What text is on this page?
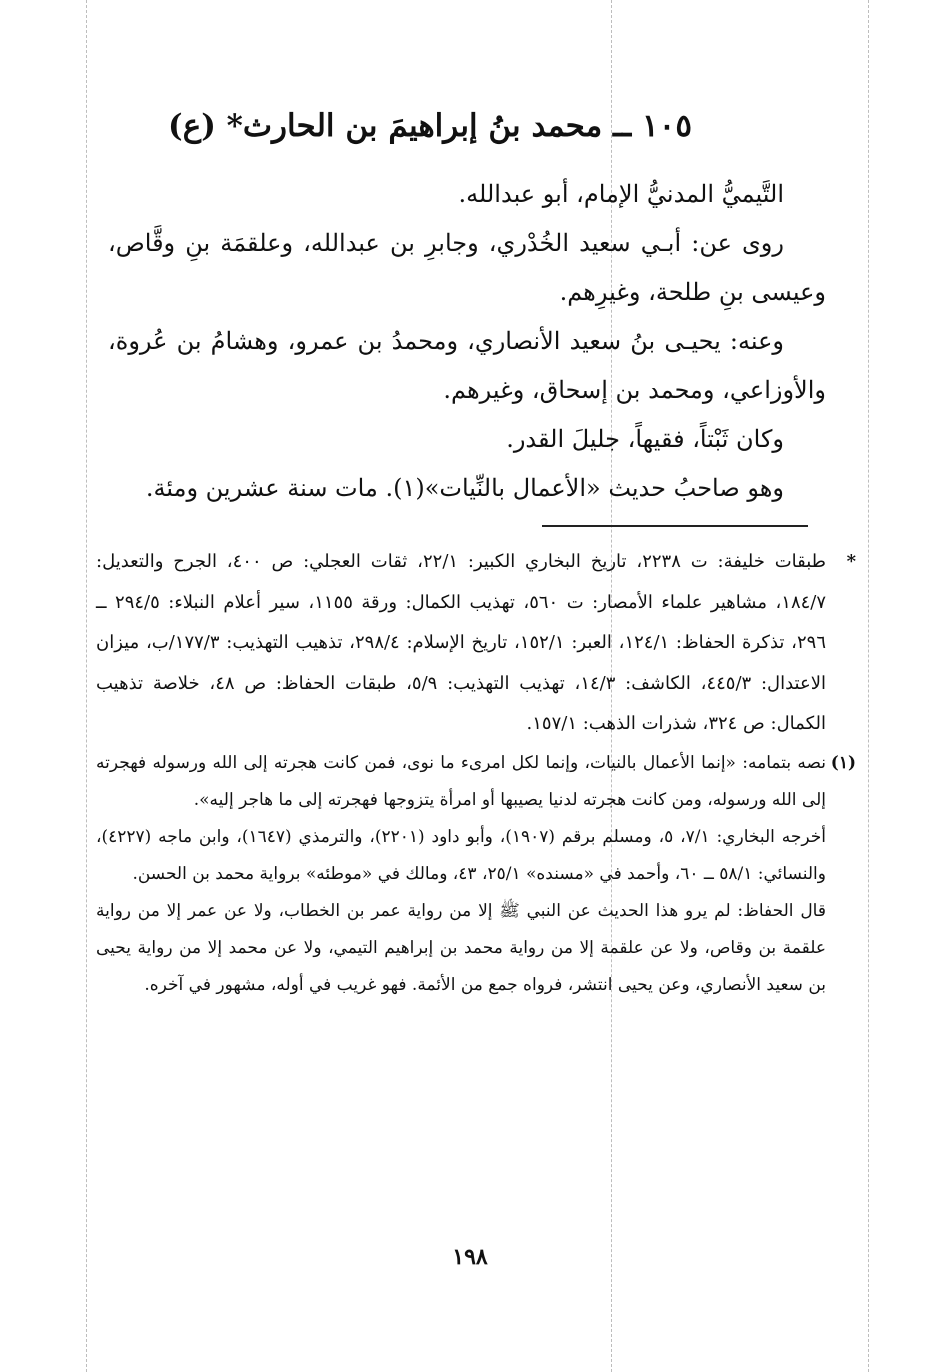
١٠٥ ــ محمد بنُ إبراهيمَ بن الحارث* (ع)

التَّيميُّ المدنيُّ الإمام، أبو عبدالله.

روى عن: أبـي سعيد الخُدْري، وجابرِ بن عبدالله، وعلقمَة بنِ وقَّاص، وعيسى بنِ طلحة، وغيرِهم.

وعنه: يحيـى بنُ سعيد الأنصاري، ومحمدُ بن عمرو، وهشامُ بن عُروة، والأوزاعي، ومحمد بن إسحاق، وغيرهم.

وكان ثَبْتاً، فقيهاً، جليلَ القدر.

وهو صاحبُ حديث «الأعمال بالنِّيات»(١). مات سنة عشرين ومئة.

*
طبقات خليفة: ت ٢٢٣٨، تاريخ البخاري الكبير: ٢٢/١، ثقات العجلي: ص ٤٠٠، الجرح والتعديل: ١٨٤/٧، مشاهير علماء الأمصار: ت ٥٦٠، تهذيب الكمال: ورقة ١١٥٥، سير أعلام النبلاء: ٢٩٤/٥ ــ ٢٩٦، تذكرة الحفاظ: ١٢٤/١، العبر: ١٥٢/١، تاريخ الإسلام: ٢٩٨/٤، تذهيب التهذيب: ١٧٧/٣/ب، ميزان الاعتدال: ٤٤٥/٣، الكاشف: ١٤/٣، تهذيب التهذيب: ٥/٩، طبقات الحفاظ: ص ٤٨، خلاصة تذهيب الكمال: ص ٣٢٤، شذرات الذهب: ١٥٧/١.
(١)

نصه بتمامه: «إنما الأعمال بالنيات، وإنما لكل امرىء ما نوى، فمن كانت هجرته إلى الله ورسوله فهجرته إلى الله ورسوله، ومن كانت هجرته لدنيا يصيبها أو امرأة يتزوجها فهجرته إلى ما هاجر إليه».

أخرجه البخاري: ٧/١، ٥، ومسلم برقم (١٩٠٧)، وأبو داود (٢٢٠١)، والترمذي (١٦٤٧)، وابن ماجه (٤٢٢٧)، والنسائي: ٥٨/١ ــ ٦٠، وأحمد في «مسنده» ٢٥/١، ٤٣، ومالك في «موطئه» برواية محمد بن الحسن.

قال الحفاظ: لم يرو هذا الحديث عن النبي ﷺ إلا من رواية عمر بن الخطاب، ولا عن عمر إلا من رواية علقمة بن وقاص، ولا عن علقمة إلا من رواية محمد بن إبراهيم التيمي، ولا عن محمد إلا من رواية يحيى بن سعيد الأنصاري، وعن يحيى انتشر، فرواه جمع من الأئمة. فهو غريب في أوله، مشهور في آخره.

١٩٨
